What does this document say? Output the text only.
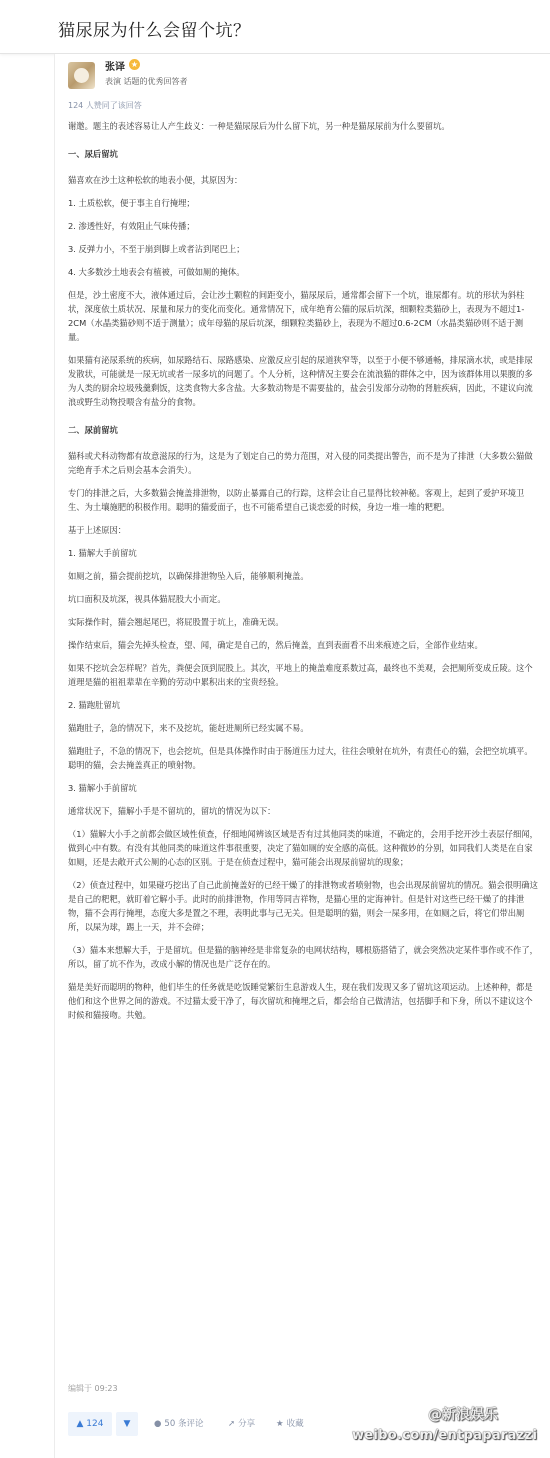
猫尿尿为什么会留个坑？
张译 ★
表演 话题的优秀回答者
124 人赞同了该回答

谢邀。题主的表述容易让人产生歧义：一种是猫尿尿后为什么留下坑，另一种是猫尿尿前为什么要留坑。

一、尿后留坑

猫喜欢在沙土这种松软的地表小便，其原因为：

1. 土质松软，便于事主自行掩埋；

2. 渗透性好，有效阻止气味传播；

3. 反弹力小，不至于崩到脚上或者沾到尾巴上；

4. 大多数沙土地表会有植被，可做如厕的掩体。

但是，沙土密度不大，液体通过后，会让沙土颗粒的间距变小，猫尿尿后，通常都会留下一个坑，谁尿都有。坑的形状为斜柱状，深度依土质状况、尿量和尿力的变化而变化。通常情况下，成年绝育公猫的尿后坑深，细颗粒类猫砂上，表现为不超过1-2CM（水晶类猫砂则不适于测量）；成年母猫的尿后坑深，细颗粒类猫砂上，表现为不超过0.6-2CM（水晶类猫砂则不适于测量。

如果猫有泌尿系统的疾病，如尿路结石、尿路感染、应激反应引起的尿道狭窄等，以至于小便不够通畅，排尿滴水状，或是排尿发散状，可能就是一尿无坑或者一尿多坑的问题了。个人分析，这种情况主要会在流浪猫的群体之中，因为该群体用以果腹的多为人类的厨余垃圾残羹剩饭，这类食物大多含盐。大多数动物是不需要盐的，盐会引发部分动物的肾脏疾病，因此，不建议向流浪或野生动物投喂含有盐分的食物。

二、尿前留坑

猫科或犬科动物都有故意滋尿的行为，这是为了划定自己的势力范围，对入侵的同类提出警告，而不是为了排泄（大多数公猫做完绝育手术之后则会基本会消失）。

专门的排泄之后，大多数猫会掩盖排泄物，以防止暴露自己的行踪，这样会让自己显得比较神秘。客观上，起到了爱护环境卫生、为土壤施肥的积极作用。聪明的猫爱面子，也不可能希望自己谈恋爱的时候，身边一堆一堆的粑粑。

基于上述原因：

1. 猫解大手前留坑

如厕之前，猫会提前挖坑，以确保排泄物坠入后，能够顺利掩盖。

坑口面积及坑深，视具体猫屁股大小而定。

实际操作时，猫会翘起尾巴，将屁股置于坑上，准确无误。

操作结束后，猫会先掉头检查，望、闻，确定是自己的，然后掩盖，直到表面看不出来痕迹之后，全部作业结束。

如果不挖坑会怎样呢？首先，粪便会顶到屁股上。其次，平地上的掩盖难度系数过高，最终也不美观，会把厕所变成丘陵。这个道理是猫的祖祖辈辈在辛勤的劳动中累积出来的宝贵经验。

2. 猫跑肚留坑

猫跑肚子，急的情况下，来不及挖坑，能赶进厕所已经实属不易。

猫跑肚子，不急的情况下，也会挖坑，但是具体操作时由于肠道压力过大，往往会喷射在坑外，有责任心的猫，会把空坑填平。聪明的猫，会去掩盖真正的喷射物。

3. 猫解小手前留坑

通常状况下，猫解小手是不留坑的，留坑的情况为以下：

（1）猫解大小手之前都会做区域性侦查，仔细地闻辨该区域是否有过其他同类的味道，不确定的，会用手挖开沙土表层仔细闻，做到心中有数。有没有其他同类的味道这件事很重要，决定了猫如厕的安全感的高低。这种微妙的分别，如同我们人类是在自家如厕，还是去敞开式公厕的心态的区别。于是在侦查过程中，猫可能会出现尿前留坑的现象；

（2）侦查过程中，如果碰巧挖出了自己此前掩盖好的已经干燥了的排泄物或者喷射物，也会出现尿前留坑的情况。猫会很明确这是自己的粑粑，就盯着它解小手。此时的前排泄物，作用等同吉祥物，是猫心里的定海神针。但是针对这些已经干燥了的排泄物，猫不会再行掩埋，态度大多是置之不理，表明此事与己无关。但是聪明的猫，则会一屎多用，在如厕之后，将它们带出厕所，以屎为球，踢上一天，并不会碎；

（3）猫本来想解大手，于是留坑。但是猫的脑神经是非常复杂的电网状结构，哪根筋搭错了，就会突然决定某件事作或不作了，所以，留了坑不作为，改成小解的情况也是广泛存在的。

猫是美好而聪明的物种，他们毕生的任务就是吃饭睡觉繁衍生息游戏人生，现在我们发现又多了留坑这项运动。上述种种，都是他们和这个世界之间的游戏。不过猫太爱干净了，每次留坑和掩埋之后，都会给自己做清洁，包括脚手和下身，所以不建议这个时候和猫接吻。共勉。

编辑于 09:23
▲ 124	▼	● 50 条评论	➚ 分享 ★ 收藏
@新浪娱乐
weibo.com/entpaparazzi
